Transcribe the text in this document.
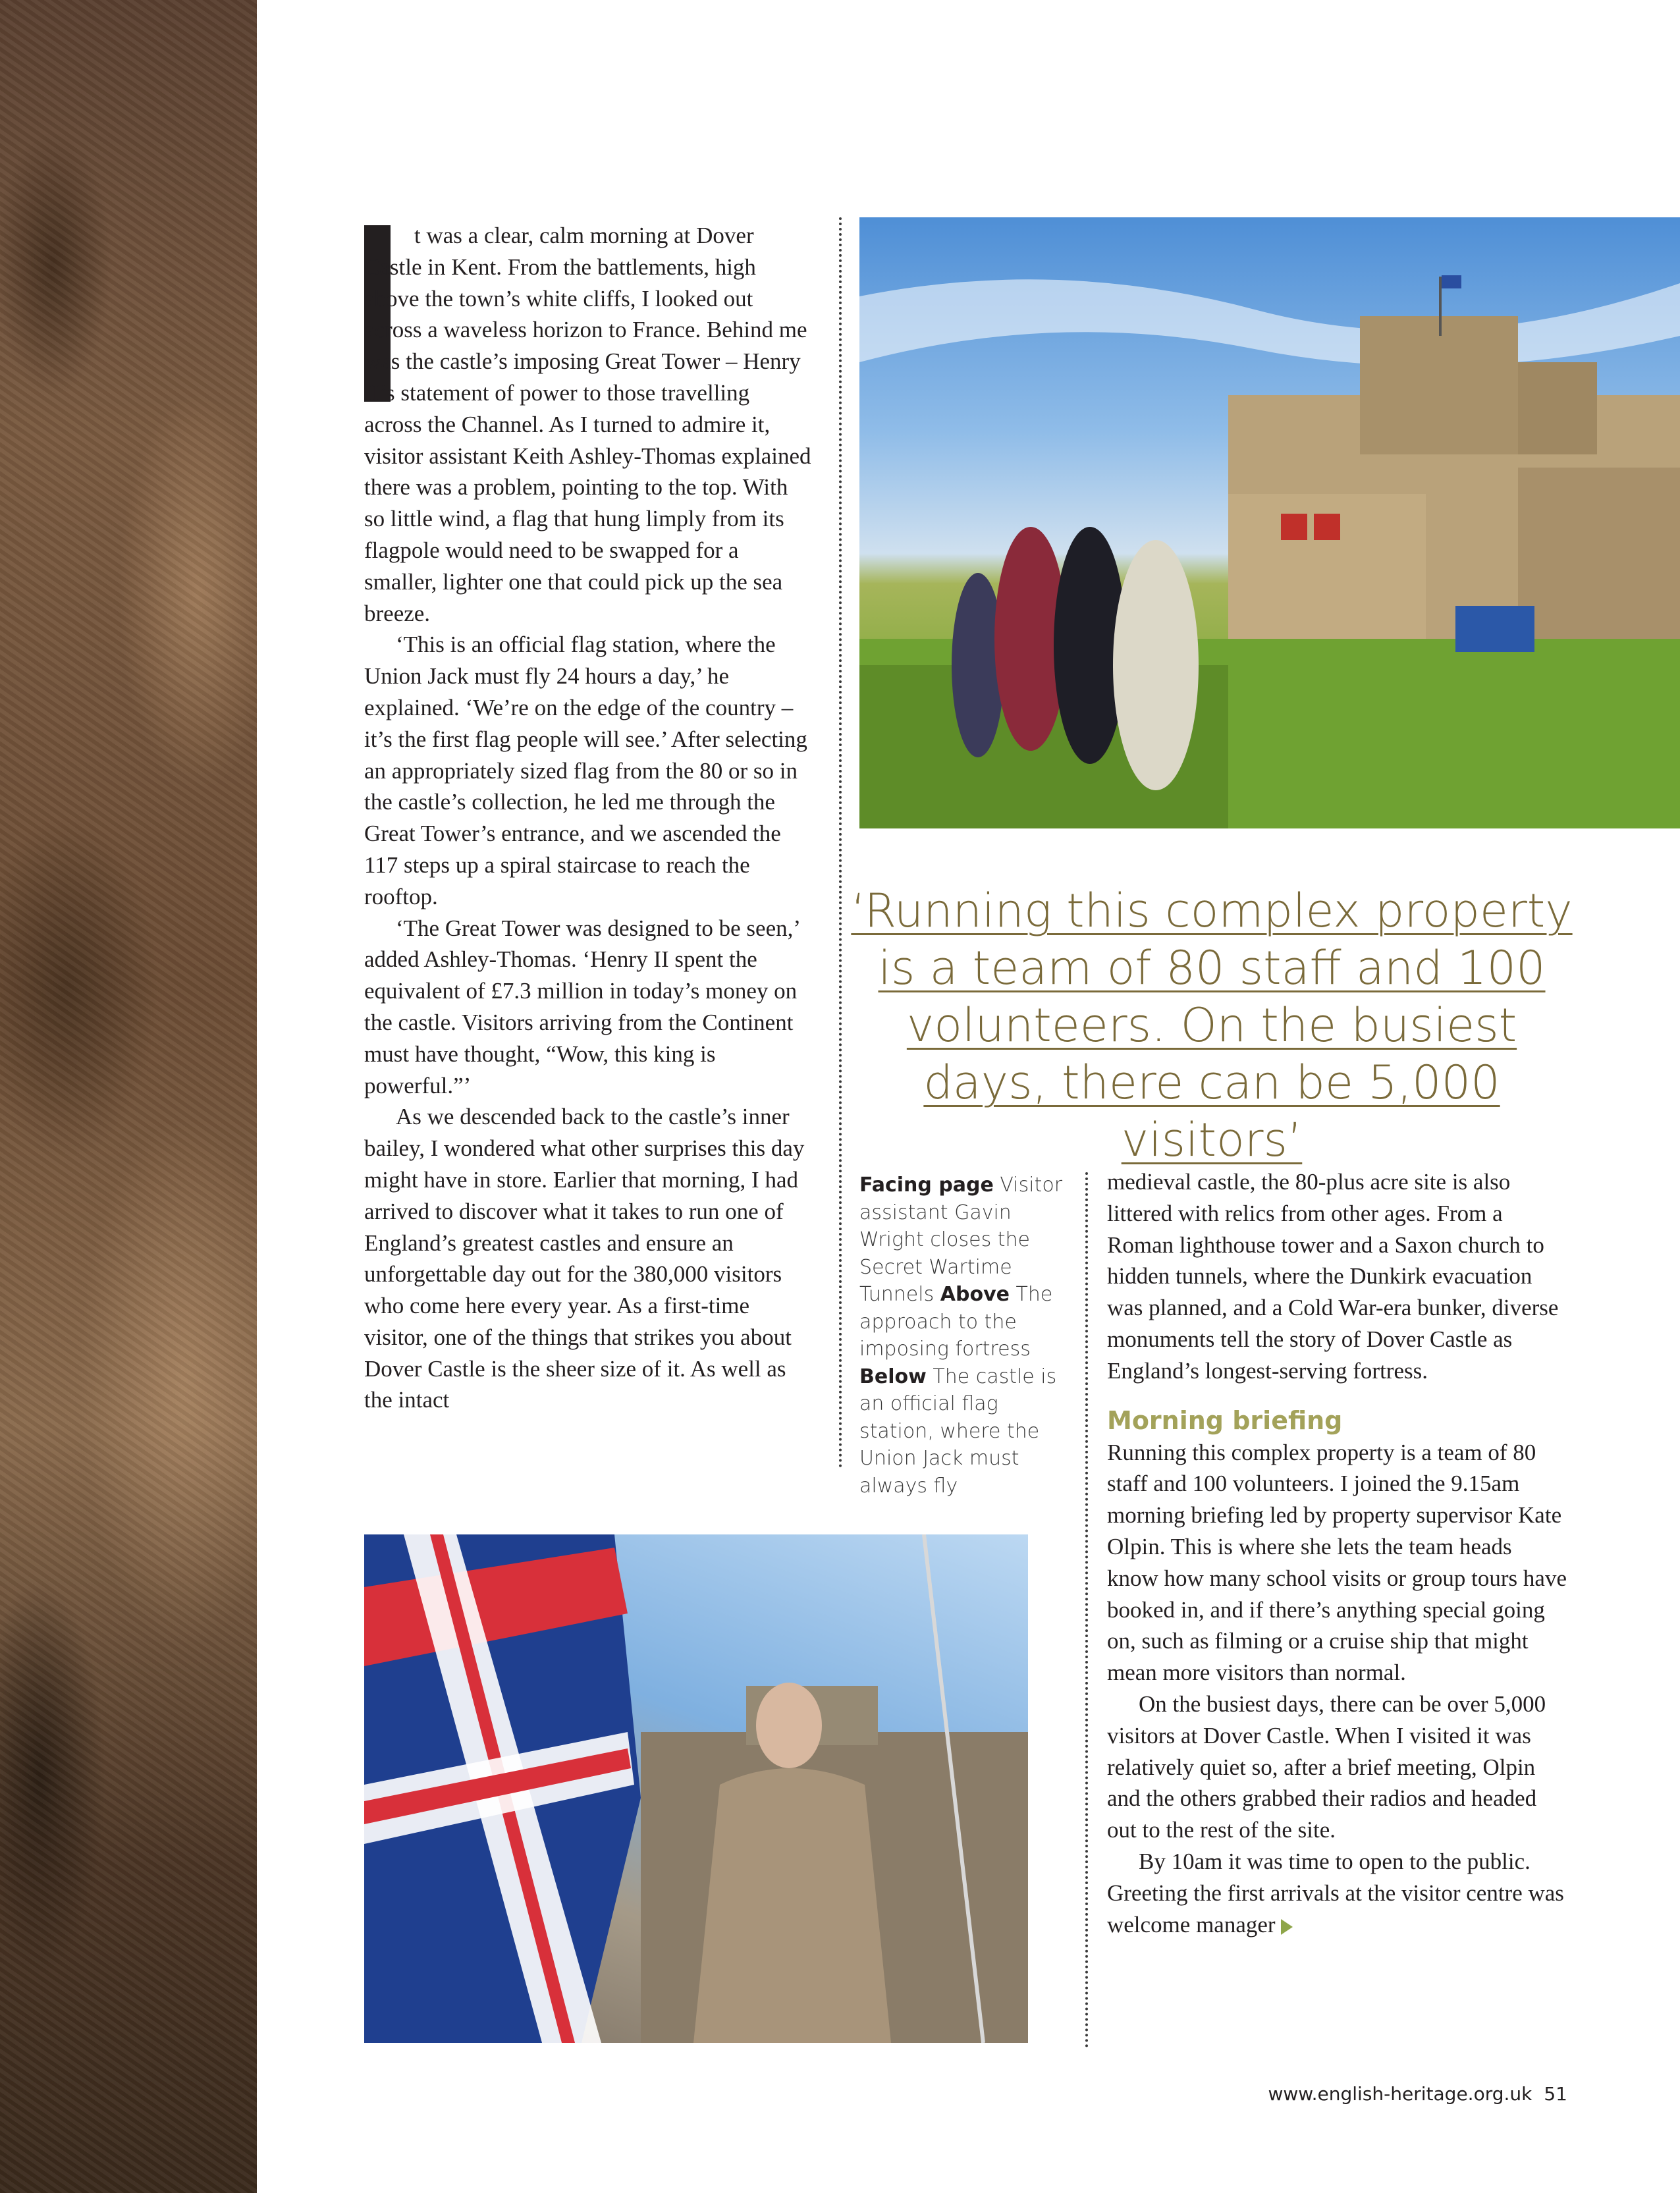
t was a clear, calm morning at Dover Castle in Kent. From the battlements, high above the town’s white cliffs, I looked out across a waveless horizon to France. Behind me was the castle’s imposing Great Tower – Henry II’s statement of power to those travelling across the Channel. As I turned to admire it, visitor assistant Keith Ashley-Thomas explained there was a problem, pointing to the top. With so little wind, a flag that hung limply from its flagpole would need to be swapped for a smaller, lighter one that could pick up the sea breeze.

‘This is an official flag station, where the Union Jack must fly 24 hours a day,’ he explained. ‘We’re on the edge of the country – it’s the first flag people will see.’ After selecting an appropriately sized flag from the 80 or so in the castle’s collection, he led me through the Great Tower’s entrance, and we ascended the 117 steps up a spiral staircase to reach the rooftop.

‘The Great Tower was designed to be seen,’ added Ashley-Thomas. ‘Henry II spent the equivalent of £7.3 million in today’s money on the castle. Visitors arriving from the Continent must have thought, “Wow, this king is powerful.”’

As we descended back to the castle’s inner bailey, I wondered what other surprises this day might have in store. Earlier that morning, I had arrived to discover what it takes to run one of England’s greatest castles and ensure an unforgettable day out for the 380,000 visitors who come here every year. As a first-time visitor, one of the things that strikes you about Dover Castle is the sheer size of it. As well as the intact

‘Running this complex property is a team of 80 staff and 100 volunteers. On the busiest days, there can be 5,000 visitors’
Facing page Visitor assistant Gavin Wright closes the Secret Wartime Tunnels Above The approach to the imposing fortress Below The castle is an official flag station, where the Union Jack must always fly

medieval castle, the 80-plus acre site is also littered with relics from other ages. From a Roman lighthouse tower and a Saxon church to hidden tunnels, where the Dunkirk evacuation was planned, and a Cold War-era bunker, diverse monuments tell the story of Dover Castle as England’s longest-serving fortress.

Morning briefing

Running this complex property is a team of 80 staff and 100 volunteers. I joined the 9.15am morning briefing led by property supervisor Kate Olpin. This is where she lets the team heads know how many school visits or group tours have booked in, and if there’s anything special going on, such as filming or a cruise ship that might mean more visitors than normal.

On the busiest days, there can be over 5,000 visitors at Dover Castle. When I visited it was relatively quiet so, after a brief meeting, Olpin and the others grabbed their radios and headed out to the rest of the site.

By 10am it was time to open to the public. Greeting the first arrivals at the visitor centre was welcome manager

www.english-heritage.org.uk 51
